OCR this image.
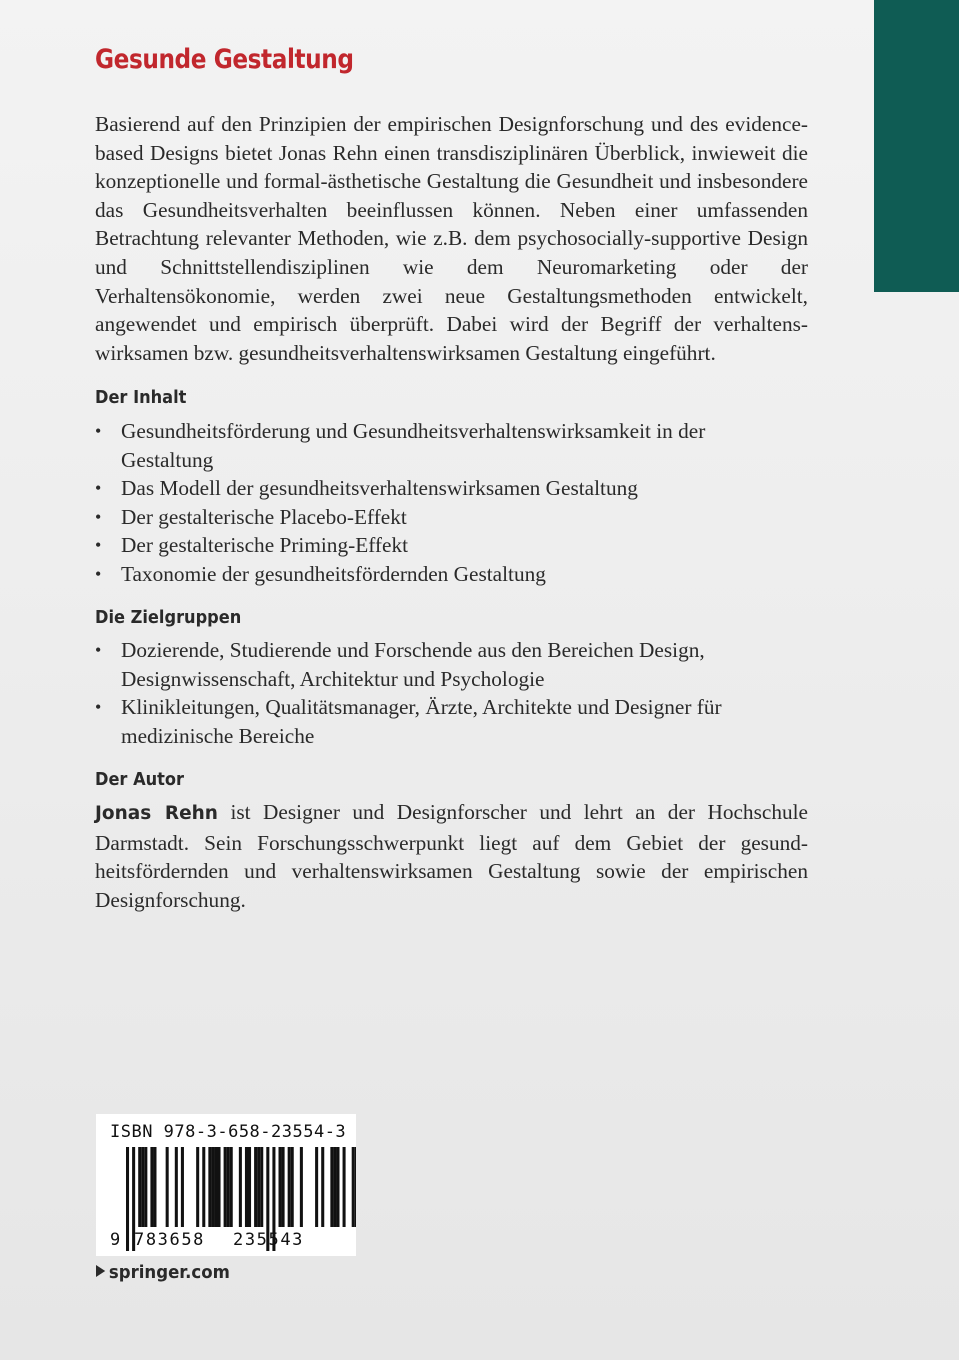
Gesunde Gestaltung

Basierend auf den Prinzipien der empirischen Designforschung und des evidence-based Designs bietet Jonas Rehn einen transdisziplinären Überblick, inwieweit die konzeptionelle und formal-ästhetische Gestaltung die Gesundheit und insbesondere das Gesundheitsverhalten beeinflussen können. Neben einer umfassenden Betrachtung relevanter Methoden, wie z.B. dem psychosocially-supportive Design und Schnittstellendisziplinen wie dem Neuromarketing oder der Verhaltensökonomie, werden zwei neue Gestaltungsmethoden entwickelt, angewendet und empirisch überprüft. Dabei wird der Begriff der verhaltenswirksamen bzw. gesundheitsverhaltenswirksamen Gestaltung eingeführt.

Der Inhalt
• Gesundheitsförderung und Gesundheitsverhaltenswirksamkeit in der Gestaltung
• Das Modell der gesundheitsverhaltenswirksamen Gestaltung
• Der gestalterische Placebo-Effekt
• Der gestalterische Priming-Effekt
• Taxonomie der gesundheitsfördernden Gestaltung
Die Zielgruppen
• Dozierende, Studierende und Forschende aus den Bereichen Design, Designwissenschaft, Architektur und Psychologie
• Klinikleitungen, Qualitätsmanager, Ärzte, Architekte und Designer für medizinische Bereiche
Der Autor

Jonas Rehn ist Designer und Designforscher und lehrt an der Hochschule Darmstadt. Sein Forschungsschwerpunkt liegt auf dem Gebiet der gesundheitsfördernden und verhaltenswirksamen Gestaltung sowie der empirischen Designforschung.

ISBN 978-3-658-23554-3
9 783658 235543
springer.com
